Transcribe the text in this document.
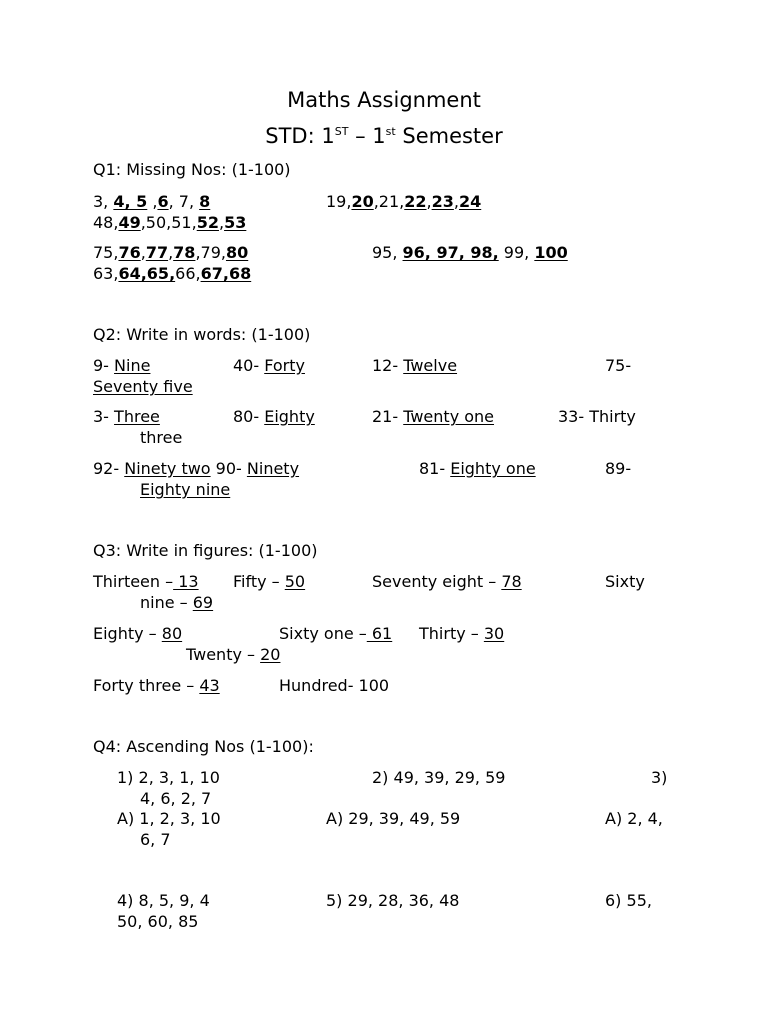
Maths Assignment
STD: 1ST – 1st Semester
Q1: Missing Nos: (1-100)
3, 4, 5 ,6, 7, 8	19,20,21,22,23,24
48,49,50,51,52,53
75,76,77,78,79,80	95, 96, 97, 98, 99, 100
63,64,65,66,67,68
Q2: Write in words: (1-100)
9- Nine	40- Forty	12- Twelve	75-
Seventy five
3- Three	80- Eighty	21- Twenty one	33- Thirty
three
92- Ninety two 90- Ninety	81- Eighty one	89-
Eighty nine
Q3: Write in figures: (1-100)
Thirteen – 13 Fifty – 50	Seventy eight – 78	Sixty
nine – 69
Eighty – 80	Sixty one – 61 Thirty – 30
Twenty – 20
Forty three – 43	Hundred- 100
Q4: Ascending Nos (1-100):
1) 2, 3, 1, 10	2) 49, 39, 29, 59	3)
4, 6, 2, 7
A) 1, 2, 3, 10	A) 29, 39, 49, 59	A) 2, 4,
6, 7
4) 8, 5, 9, 4	5) 29, 28, 36, 48	6) 55,
50, 60, 85
